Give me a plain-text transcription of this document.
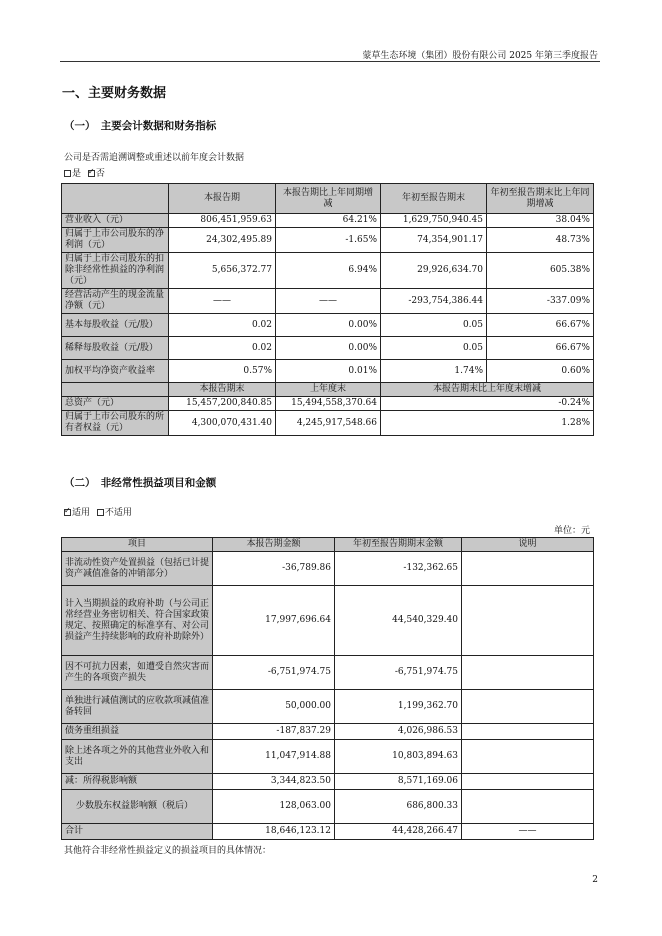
蒙草生态环境（集团）股份有限公司 2025 年第三季度报告
一、主要财务数据
（一）　主要会计数据和财务指标
公司是否需追溯调整或重述以前年度会计数据
是 ✓ 否
	本报告期	本报告期比上年同期增减	年初至报告期末	年初至报告期末比上年同期增减
营业收入（元）	806,451,959.63	64.21%	1,629,750,940.45	38.04%
归属于上市公司股东的净利润（元）	24,302,495.89	-1.65%	74,354,901.17	48.73%
归属于上市公司股东的扣除非经常性损益的净利润（元）	5,656,372.77	6.94%	29,926,634.70	605.38%
经营活动产生的现金流量净额（元）	——	——	-293,754,386.44	-337.09%
基本每股收益（元/股）	0.02	0.00%	0.05	66.67%
稀释每股收益（元/股）	0.02	0.00%	0.05	66.67%
加权平均净资产收益率	0.57%	0.01%	1.74%	0.60%
	本报告期末	上年度末	本报告期末比上年度末增减	
总资产（元）	15,457,200,840.85	15,494,558,370.64	-0.24%	
归属于上市公司股东的所有者权益（元）	4,300,070,431.40	4,245,917,548.66	1.28%	
（二）　非经常性损益项目和金额
✓适用 不适用
单位：元
项目	本报告期金额	年初至报告期期末金额	说明
非流动性资产处置损益（包括已计提资产减值准备的冲销部分）	-36,789.86	-132,362.65	
计入当期损益的政府补助（与公司正常经营业务密切相关、符合国家政策规定、按照确定的标准享有、对公司损益产生持续影响的政府补助除外）	17,997,696.64	44,540,329.40	
因不可抗力因素，如遭受自然灾害而产生的各项资产损失	-6,751,974.75	-6,751,974.75	
单独进行减值测试的应收款项减值准备转回	50,000.00	1,199,362.70	
债务重组损益	-187,837.29	4,026,986.53	
除上述各项之外的其他营业外收入和支出	11,047,914.88	10,803,894.63	
减：所得税影响额	3,344,823.50	8,571,169.06	
少数股东权益影响额（税后）	128,063.00	686,800.33	
合计	18,646,123.12	44,428,266.47	——
其他符合非经常性损益定义的损益项目的具体情况：
2
